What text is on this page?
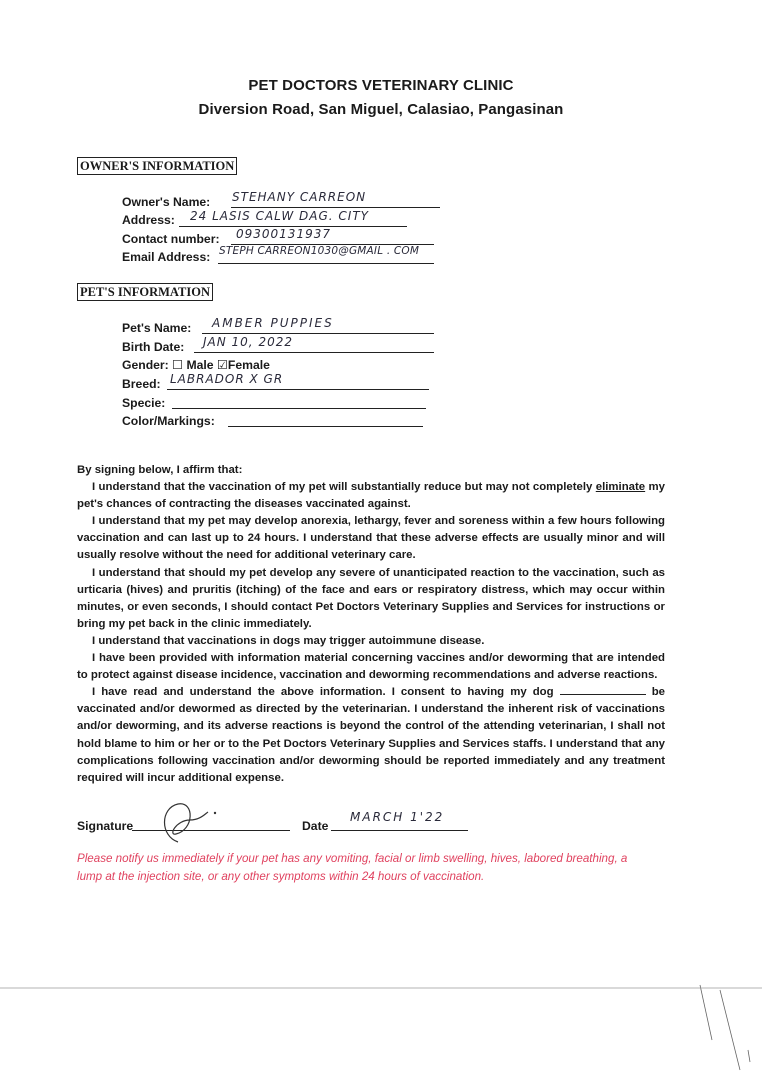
PET DOCTORS VETERINARY CLINIC
Diversion Road, San Miguel, Calasiao, Pangasinan
OWNER'S INFORMATION
Owner's Name: STEHANY CARREON
Address: 24 LASIS CALW DAG. CITY
Contact number: 09300131937
Email Address: STEPH CARREON1030@GMAIL . COM
PET'S INFORMATION
Pet's Name: AMBER PUPPIES
Birth Date: JAN 10, 2022
Gender: ☐ Male ☑Female
Breed: LABRADOR X GR
Specie:
Color/Markings:

By signing below, I affirm that:

I understand that the vaccination of my pet will substantially reduce but may not completely eliminate my pet's chances of contracting the diseases vaccinated against.

I understand that my pet may develop anorexia, lethargy, fever and soreness within a few hours following vaccination and can last up to 24 hours. I understand that these adverse effects are usually minor and will usually resolve without the need for additional veterinary care.

I understand that should my pet develop any severe of unanticipated reaction to the vaccination, such as urticaria (hives) and pruritis (itching) of the face and ears or respiratory distress, which may occur within minutes, or even seconds, I should contact Pet Doctors Veterinary Supplies and Services for instructions or bring my pet back in the clinic immediately.

I understand that vaccinations in dogs may trigger autoimmune disease.

I have been provided with information material concerning vaccines and/or deworming that are intended to protect against disease incidence, vaccination and deworming recommendations and adverse reactions.

I have read and understand the above information. I consent to having my dog	be vaccinated and/or dewormed as directed by the veterinarian. I understand the inherent risk of vaccinations and/or deworming, and its adverse reactions is beyond the control of the attending veterinarian, I shall not hold blame to him or her or to the Pet Doctors Veterinary Supplies and Services staffs. I understand that any complications following vaccination and/or deworming should be reported immediately and any treatment required will incur additional expense.

Signature	Date
MARCH 1'22
Please notify us immediately if your pet has any vomiting, facial or limb swelling, hives, labored breathing, a lump at the injection site, or any other symptoms within 24 hours of vaccination.
